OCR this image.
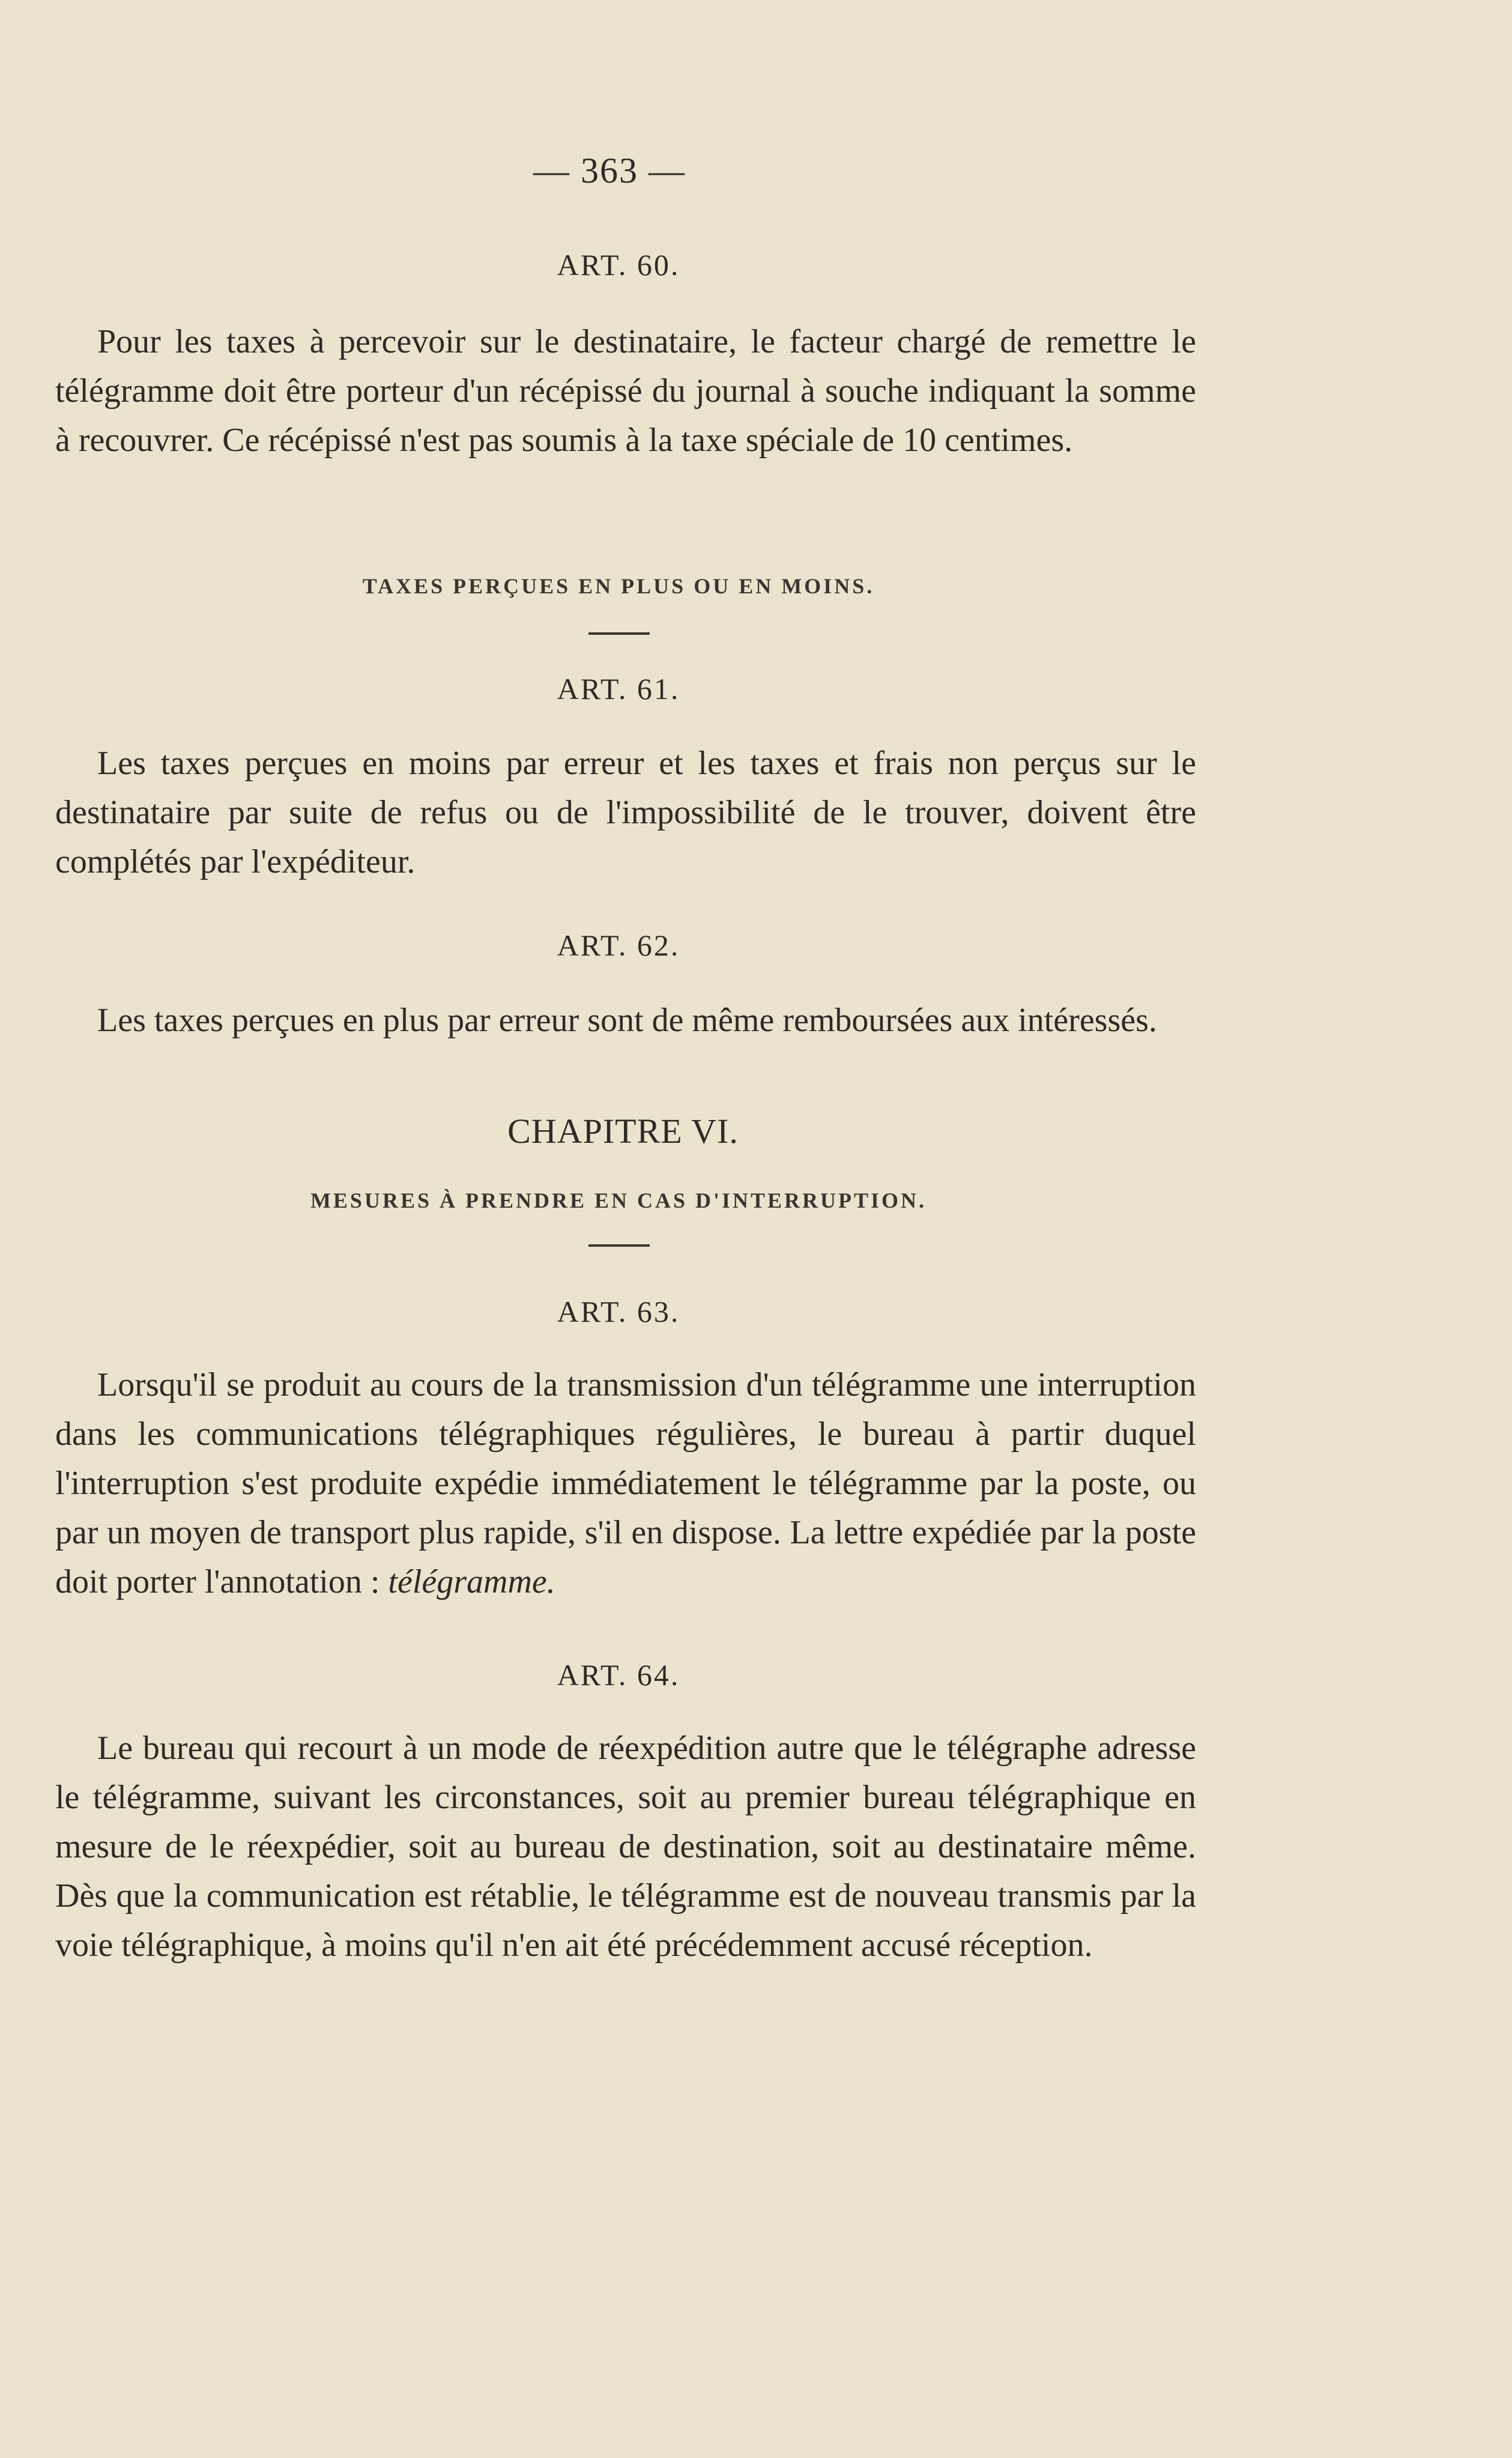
— 363 —
ART. 60.
Pour les taxes à percevoir sur le destinataire, le facteur chargé de remettre le télégramme doit être porteur d'un récépissé du journal à souche indiquant la somme à recouvrer. Ce récépissé n'est pas soumis à la taxe spéciale de 10 centimes.
TAXES PERÇUES EN PLUS OU EN MOINS.
ART. 61.
Les taxes perçues en moins par erreur et les taxes et frais non perçus sur le destinataire par suite de refus ou de l'impossibilité de le trouver, doivent être complétés par l'expéditeur.
ART. 62.
Les taxes perçues en plus par erreur sont de même remboursées aux intéressés.
CHAPITRE VI.
MESURES À PRENDRE EN CAS D'INTERRUPTION.
ART. 63.
Lorsqu'il se produit au cours de la transmission d'un télégramme une interruption dans les communications télégraphiques régulières, le bureau à partir duquel l'interruption s'est produite expédie immédiatement le télégramme par la poste, ou par un moyen de transport plus rapide, s'il en dispose. La lettre expédiée par la poste doit porter l'annotation : télégramme.
ART. 64.
Le bureau qui recourt à un mode de réexpédition autre que le télégraphe adresse le télégramme, suivant les circonstances, soit au premier bureau télégraphique en mesure de le réexpédier, soit au bureau de destination, soit au destinataire même. Dès que la communication est rétablie, le télégramme est de nouveau transmis par la voie télégraphique, à moins qu'il n'en ait été précédemment accusé réception.
